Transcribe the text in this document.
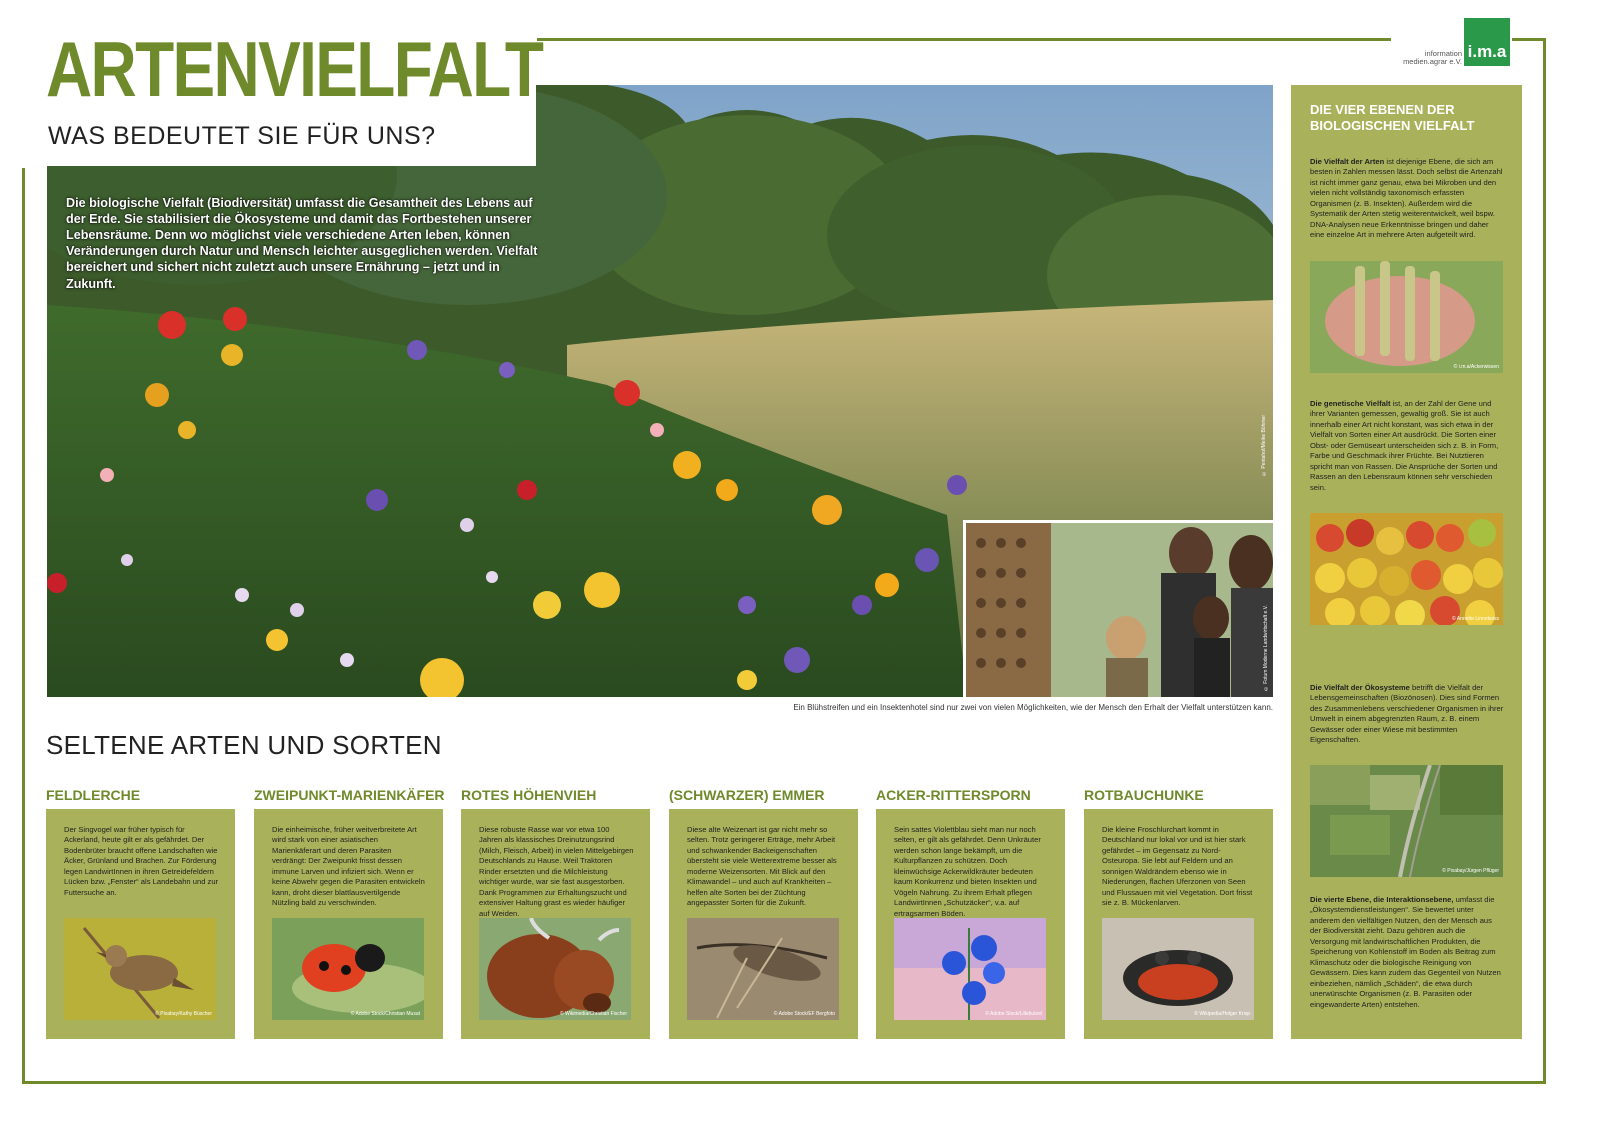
ARTENVIELFALT
WAS BEDEUTET SIE FÜR UNS?
information
medien.agrar e.V.
i.m.a
© Pentahof/Meike Böhmer
© Fotum Moderne Landwirtschaft e.V.
Die biologische Vielfalt (Biodiversität) umfasst die Gesamtheit des Lebens auf der Erde. Sie stabilisiert die Ökosysteme und damit das Fortbestehen unserer Lebensräume. Denn wo möglichst viele verschiedene Arten leben, können Veränderungen durch Natur und Mensch leichter ausgeglichen werden. Vielfalt bereichert und sichert nicht zuletzt auch unsere Ernährung – jetzt und in Zukunft.
Ein Blühstreifen und ein Insektenhotel sind nur zwei von vielen Möglichkeiten, wie der Mensch den Erhalt der Vielfalt unterstützen kann.
SELTENE ARTEN UND SORTEN
FELDLERCHE	ZWEIPUNKT-MARIENKÄFER ROTES HÖHENVIEH	(SCHWARZER) EMMER	ACKER-RITTERSPORN	ROTBAUCHUNKE
Der Singvogel war früher typisch für Ackerland, heute gilt er als gefährdet. Der Bodenbrüter braucht offene Landschaften wie Äcker, Grünland und Brachen. Zur Förderung legen LandwirtInnen in ihren Getreidefeldern Lücken bzw. „Fenster“ als Landebahn und zur Futtersuche an.
© Pixabay/Kathy Büscher
Die einheimische, früher weitverbreitete Art wird stark von einer asiatischen Marienkäferart und deren Parasiten verdrängt: Der Zweipunkt frisst dessen immune Larven und infiziert sich. Wenn er keine Abwehr gegen die Parasiten entwickeln kann, droht dieser blattlausvertilgende Nützling bald zu verschwinden.
© Adobe Stock/Christian Musat
Diese robuste Rasse war vor etwa 100 Jahren als klassisches Dreinutzungsrind (Milch, Fleisch, Arbeit) in vielen Mittelgebirgen Deutschlands zu Hause. Weil Traktoren Rinder ersetzten und die Milchleistung wichtiger wurde, war sie fast ausgestorben. Dank Programmen zur Erhaltungszucht und extensiver Haltung grast es wieder häufiger auf Weiden.
© Wikimedia/Christian Fischer
Diese alte Weizenart ist gar nicht mehr so selten. Trotz geringerer Erträge, mehr Arbeit und schwankender Backeigenschaften übersteht sie viele Wetterextreme besser als moderne Weizensorten. Mit Blick auf den Klimawandel – und auch auf Krankheiten – helfen alte Sorten bei der Züchtung angepasster Sorten für die Zukunft.
© Adobe Stock/EF Bergfoto
Sein sattes Violettblau sieht man nur noch selten, er gilt als gefährdet. Denn Unkräuter werden schon lange bekämpft, um die Kulturpflanzen zu schützen. Doch kleinwüchsige Ackerwildkräuter bedeuten kaum Konkurrenz und bieten Insekten und Vögeln Nahrung. Zu ihrem Erhalt pflegen LandwirtInnen „Schutzäcker“, v.a. auf ertragsarmen Böden.
© Adobe Stock/Lillebutzel
Die kleine Froschlurchart kommt in Deutschland nur lokal vor und ist hier stark gefährdet – im Gegensatz zu Nord-Osteuropa. Sie lebt auf Feldern und an sonnigen Waldrändern ebenso wie in Niederungen, flachen Uferzonen von Seen und Flussauen mit viel Vegetation. Dort frisst sie z. B. Mückenlarven.
© Wikipedia/Holger Krisp
DIE VIER EBENEN DER BIOLOGISCHEN VIELFALT
Die Vielfalt der Arten ist diejenige Ebene, die sich am besten in Zahlen messen lässt. Doch selbst die Artenzahl ist nicht immer ganz genau, etwa bei Mikroben und den vielen nicht vollständig taxonomisch erfassten Organismen (z. B. Insekten). Außerdem wird die Systematik der Arten stetig weiterentwickelt, weil bspw. DNA-Analysen neue Erkenntnisse bringen und daher eine einzelne Art in mehrere Arten aufgeteilt wird.
© i.m.a/Ackerwissen
Die genetische Vielfalt ist, an der Zahl der Gene und ihrer Varianten gemessen, gewaltig groß. Sie ist auch innerhalb einer Art nicht konstant, was sich etwa in der Vielfalt von Sorten einer Art ausdrückt. Die Sorten einer Obst- oder Gemüseart unterscheiden sich z. B. in Form, Farbe und Geschmack ihrer Früchte. Bei Nutztieren spricht man von Rassen. Die Ansprüche der Sorten und Rassen an den Lebensraum können sehr verschieden sein.
© Annette Linnekeiss
Die Vielfalt der Ökosysteme betrifft die Vielfalt der Lebensgemeinschaften (Biozönosen). Dies sind Formen des Zusammenlebens verschiedener Organismen in ihrer Umwelt in einem abgegrenzten Raum, z. B. einem Gewässer oder einer Wiese mit bestimmten Eigenschaften.
© Pixabay/Jürgen Pflüger
Die vierte Ebene, die Interaktionsebene, umfasst die „Ökosystemdienstleistungen“. Sie bewertet unter anderem den vielfältigen Nutzen, den der Mensch aus der Biodiversität zieht. Dazu gehören auch die Versorgung mit landwirtschaftlichen Produkten, die Speicherung von Kohlenstoff im Boden als Beitrag zum Klimaschutz oder die biologische Reinigung von Gewässern. Dies kann zudem das Gegenteil von Nutzen einbeziehen, nämlich „Schäden“, die etwa durch unerwünschte Organismen (z. B. Parasiten oder eingewanderte Arten) entstehen.
